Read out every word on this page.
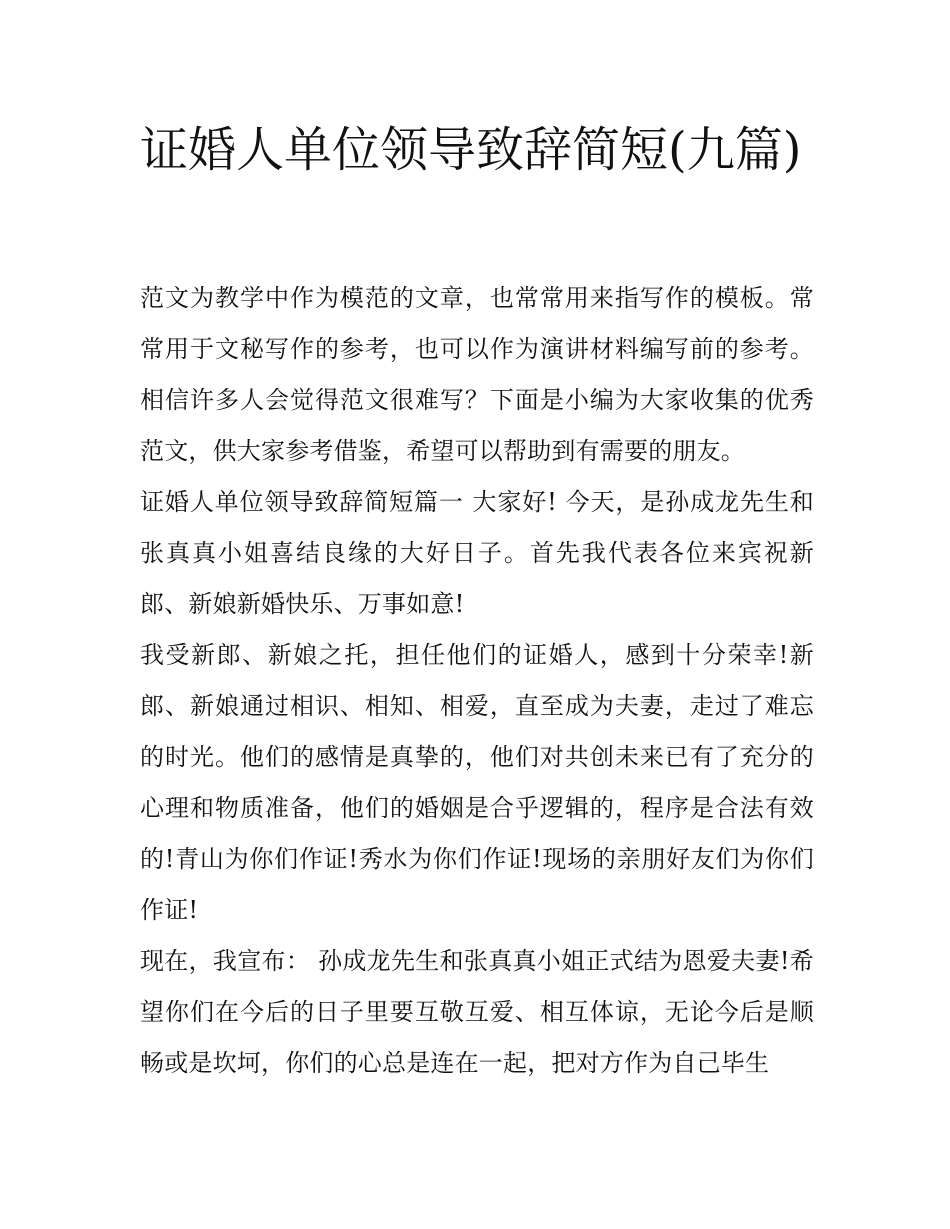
证婚人单位领导致辞简短(九篇)

范文为教学中作为模范的文章，也常常用来指写作的模板。常常用于文秘写作的参考，也可以作为演讲材料编写前的参考。相信许多人会觉得范文很难写？下面是小编为大家收集的优秀范文，供大家参考借鉴，希望可以帮助到有需要的朋友。

证婚人单位领导致辞简短篇一 大家好! 今天，是孙成龙先生和张真真小姐喜结良缘的大好日子。首先我代表各位来宾祝新郎、新娘新婚快乐、万事如意!

我受新郎、新娘之托，担任他们的证婚人，感到十分荣幸!新郎、新娘通过相识、相知、相爱，直至成为夫妻，走过了难忘的时光。他们的感情是真挚的，他们对共创未来已有了充分的心理和物质准备，他们的婚姻是合乎逻辑的，程序是合法有效的!青山为你们作证!秀水为你们作证!现场的亲朋好友们为你们作证!

现在，我宣布： 孙成龙先生和张真真小姐正式结为恩爱夫妻!希望你们在今后的日子里要互敬互爱、相互体谅，无论今后是顺畅或是坎坷，你们的心总是连在一起，把对方作为自己毕生
